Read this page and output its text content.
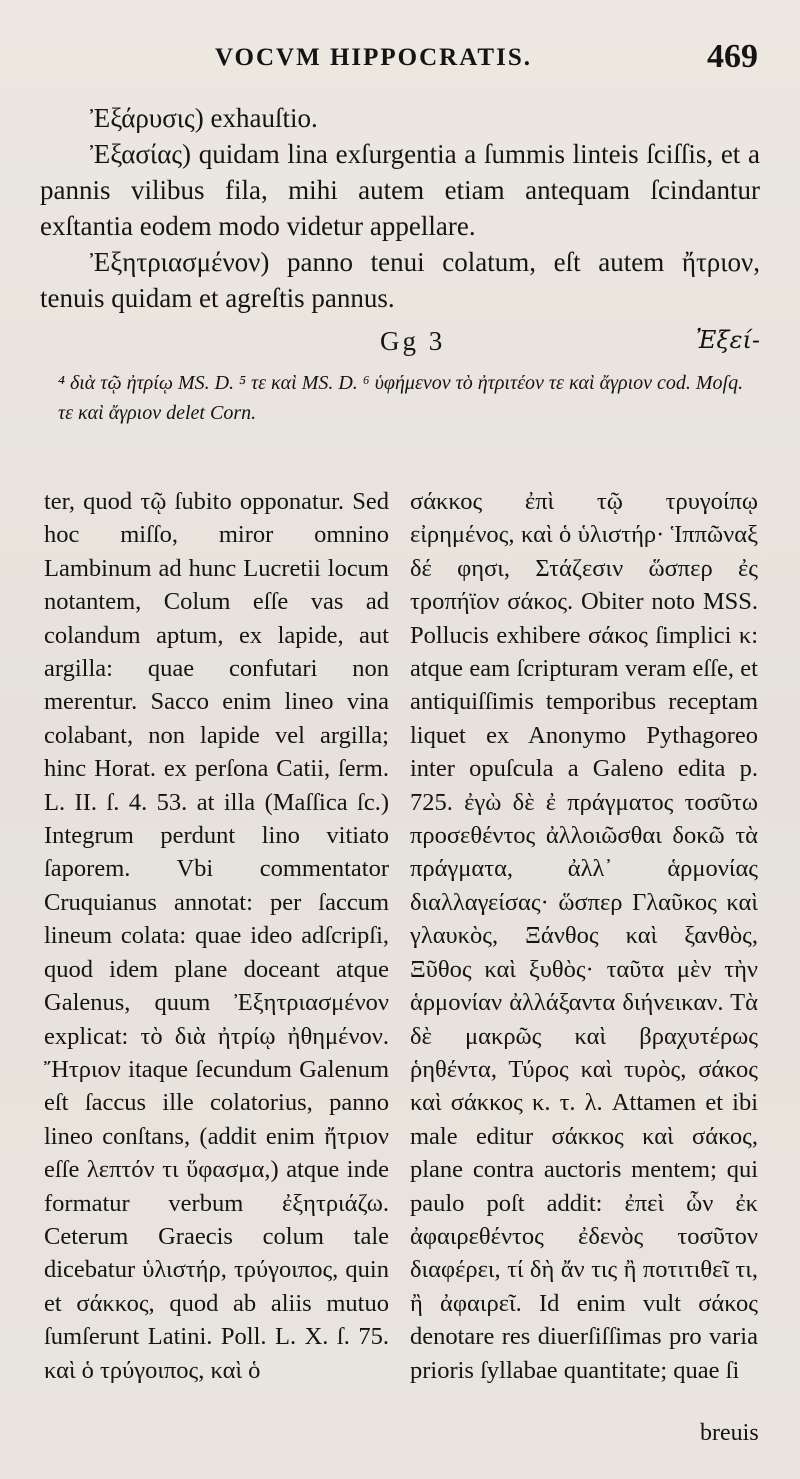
VOCVM HIPPOCRATIS.	469

Ἐξάρυσις) exhauſtio.

Ἐξασίας) quidam lina exſurgentia a ſummis linteis ſciſſis, et a pannis vilibus fila, mihi autem etiam antequam ſcindantur exſtantia eodem modo videtur appellare.

Ἐξητριασμένον) panno tenui colatum, eſt autem ἤτριον, tenuis quidam et agreſtis pannus.

Gg 3	Ἐξεί-

⁴ διὰ τῷ ἠτρίῳ MS. D. ⁵ τε καὶ MS. D. ⁶ ὑφήμενον τὸ ἠτριτέον τε καὶ ἄγριον cod. Moſq. τε καὶ ἄγριον delet Corn.

ter, quod τῷ ſubito opponatur. Sed hoc miſſo, miror omnino Lambinum ad hunc Lucretii locum notantem, Colum eſſe vas ad colandum aptum, ex lapide, aut argilla: quae confutari non merentur. Sacco enim lineo vina colabant, non lapide vel argilla; hinc Horat. ex perſona Catii, ſerm. L. II. ſ. 4. 53. at illa (Maſſica ſc.) Integrum perdunt lino vitiato ſaporem. Vbi commentator Cruquianus annotat: per ſaccum lineum colata: quae ideo adſcripſi, quod idem plane doceant atque Galenus, quum Ἐξητριασμένον explicat: τὸ διὰ ἠτρίῳ ἠθημένον. Ἤτριον itaque ſecundum Galenum eſt ſaccus ille colatorius, panno lineo conſtans, (addit enim ἤτριον eſſe λεπτόν τι ὕφασμα,) atque inde formatur verbum ἐξητριάζω. Ceterum Graecis colum tale dicebatur ὑλιστήρ, τρύγοιπος, quin et σάκκος, quod ab aliis mutuo ſumſerunt Latini. Poll. L. X. ſ. 75. καὶ ὁ τρύγοιπος, καὶ ὁ

σάκκος ἐπὶ τῷ τρυγοίπῳ εἰρημένος, καὶ ὁ ὑλιστήρ· Ἱππῶναξ δέ φησι, Στάζεσιν ὥσπερ ἐς τροπήϊον σάκος. Obiter noto MSS. Pollucis exhibere σάκος ſimplici κ: atque eam ſcripturam veram eſſe, et antiquiſſimis temporibus receptam liquet ex Anonymo Pythagoreo inter opuſcula a Galeno edita p. 725. ἐγὼ δὲ ἐ πράγματος τοσῦτω προσεθέντος ἀλλοιῶσθαι δοκῶ τὰ πράγματα, ἀλλ᾽ ἁρμονίας διαλλαγείσας· ὥσπερ Γλαῦκος καὶ γλαυκὸς, Ξάνθος καὶ ξανθὸς, Ξῦθος καὶ ξυθὸς· ταῦτα μὲν τὴν ἁρμονίαν ἀλλάξαντα διήνεικαν. Τὰ δὲ μακρῶς καὶ βραχυτέρως ῥηθέντα, Τύρος καὶ τυρὸς, σάκος καὶ σάκκος κ. τ. λ. Attamen et ibi male editur σάκκος καὶ σάκος, plane contra auctoris mentem; qui paulo poſt addit: ἐπεὶ ὧν ἐκ ἀφαιρεθέντος ἐδενὸς τοσῦτον διαφέρει, τί δὴ ἄν τις ἢ ποτιτιθεῖ τι, ἢ ἀφαιρεῖ. Id enim vult σάκος denotare res diuerſiſſimas pro varia prioris ſyllabae quantitate; quae ſi

breuis
